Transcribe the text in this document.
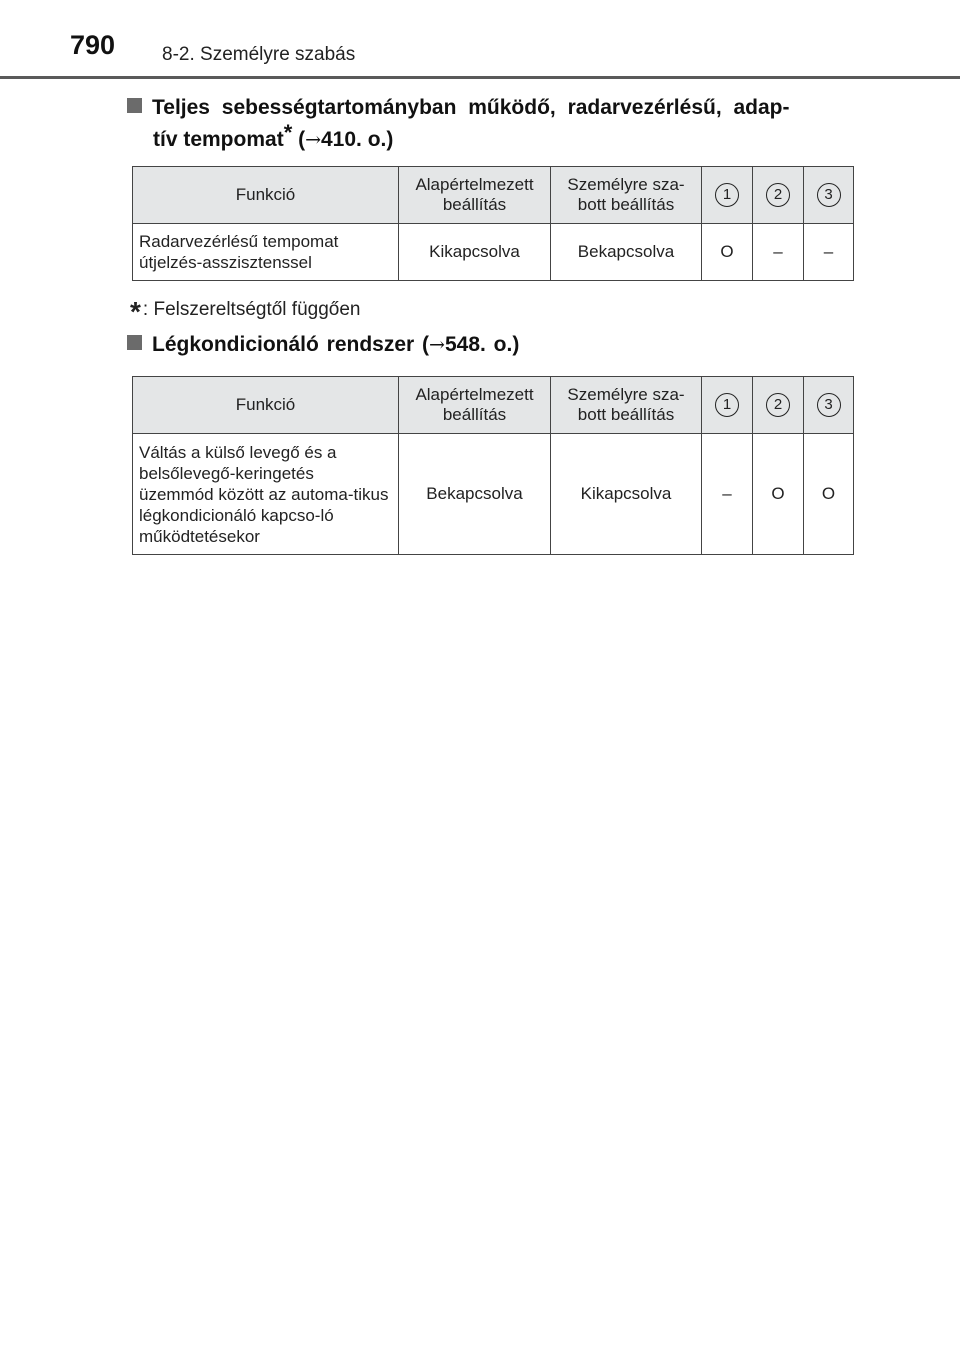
790 8-2. Személyre szabás
Teljes sebességtartományban működő, radarvezérlésű, adap-
tív tempomat* (→410. o.)
Funkció	Alapértelmezett beállítás	Személyre sza-bott beállítás	1	2	3
Radarvezérlésű tempomat útjelzés-asszisztenssel	Kikapcsolva	Bekapcsolva	O	–	–
* : Felszereltségtől függően
Légkondicionáló rendszer (→548. o.)
Funkció	Alapértelmezett beállítás	Személyre sza-bott beállítás	1	2	3
Váltás a külső levegő és a belsőlevegő-keringetés üzemmód között az automa-tikus légkondicionáló kapcso-ló működtetésekor	Bekapcsolva	Kikapcsolva	–	O	O
